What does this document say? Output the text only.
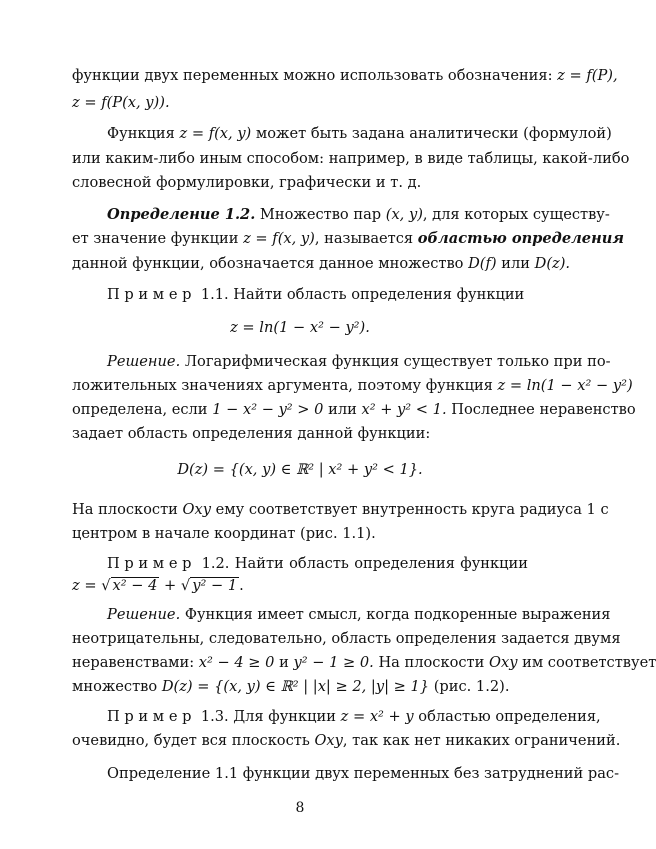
функции двух переменных можно использовать обозначения: z = f(P),
z = f(P(x, y)).
Функция z = f(x, y) может быть задана аналитически (формулой)
или каким-либо иным способом: например, в виде таблицы, какой-либо
словесной формулировки, графически и т. д.
Определение 1.2. Множество пар (x, y), для которых существу-
ет значение функции z = f(x, y), называется областью определения
данной функции, обозначается данное множество D(f) или D(z).
Пример 1.1. Найти область определения функции
z = ln(1 − x² − y²).
Решение. Логарифмическая функция существует только при по-
ложительных значениях аргумента, поэтому функция z = ln(1 − x² − y²)
определена, если 1 − x² − y² > 0 или x² + y² < 1. Последнее неравенство
задает область определения данной функции:
D(z) = {(x, y) ∈ ℝ² | x² + y² < 1}.
На плоскости Oxy ему соответствует внутренность круга радиуса 1 с
центром в начале координат (рис. 1.1).
Пример 1.2. Найти область определения функции
z = √ x² − 4 + √ y² − 1 .
Решение. Функция имеет смысл, когда подкоренные выражения
неотрицательны, следовательно, область определения задается двумя
неравенствами: x² − 4 ≥ 0 и y² − 1 ≥ 0. На плоскости Oxy им соответствует
множество D(z) = {(x, y) ∈ ℝ² | |x| ≥ 2, |y| ≥ 1} (рис. 1.2).
Пример 1.3. Для функции z = x² + y областью определения,
очевидно, будет вся плоскость Oxy, так как нет никаких ограничений.
Определение 1.1 функции двух переменных без затруднений рас-
8
